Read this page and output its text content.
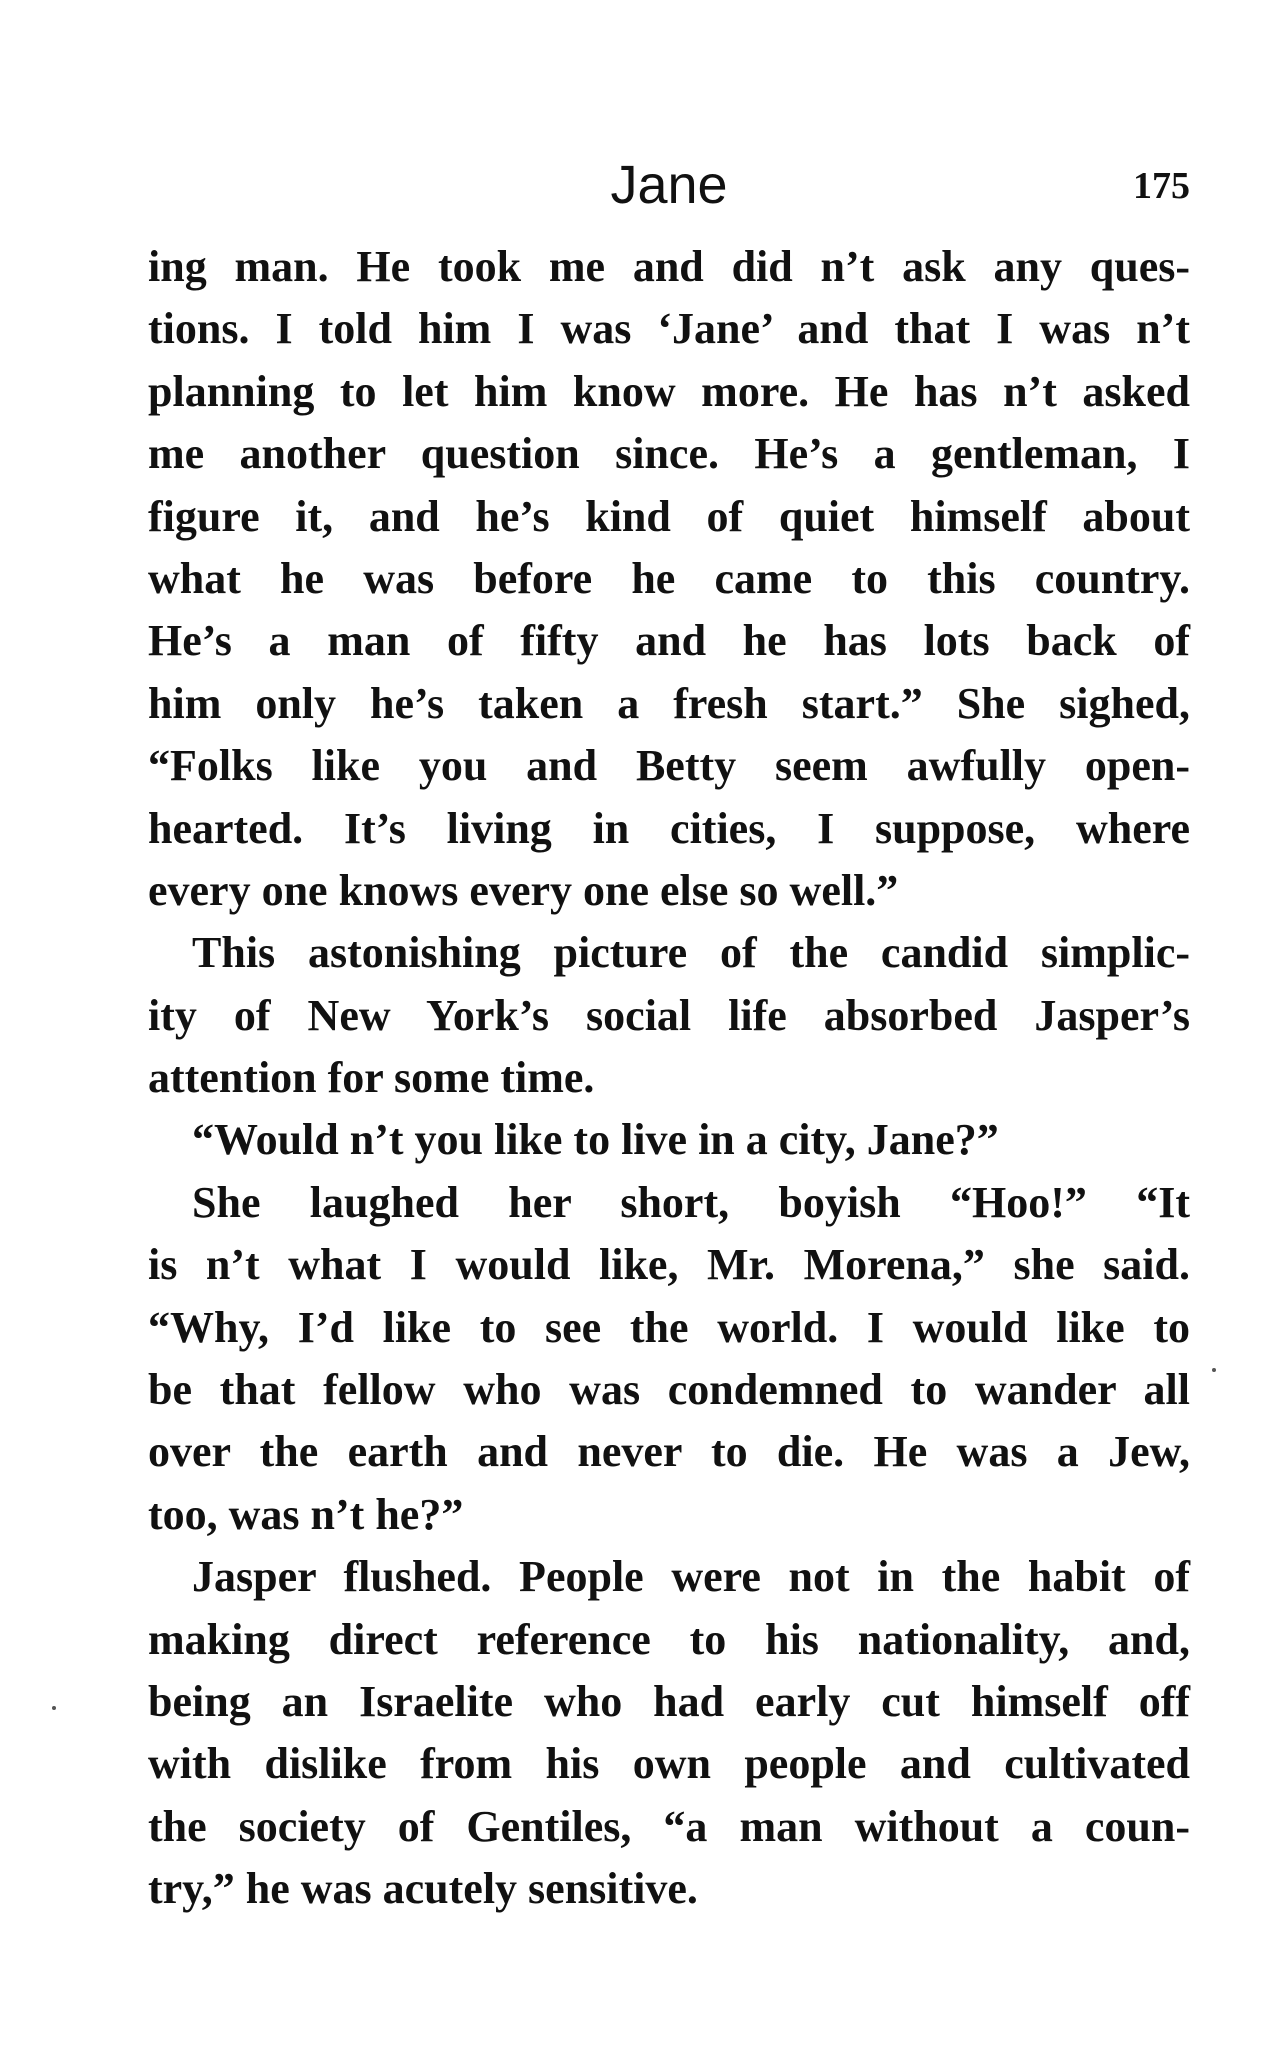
Jane	175
ing man. He took me and did n’t ask any ques-
tions. I told him I was ‘Jane’ and that I was n’t
planning to let him know more. He has n’t asked
me another question since. He’s a gentleman, I
figure it, and he’s kind of quiet himself about
what he was before he came to this country.
He’s a man of fifty and he has lots back of
him only he’s taken a fresh start.” She sighed,
“Folks like you and Betty seem awfully open-
hearted. It’s living in cities, I suppose, where
every one knows every one else so well.”
This astonishing picture of the candid simplic-
ity of New York’s social life absorbed Jasper’s
attention for some time.
“Would n’t you like to live in a city, Jane?”
She laughed her short, boyish “Hoo!” “It
is n’t what I would like, Mr. Morena,” she said.
“Why, I’d like to see the world. I would like to
be that fellow who was condemned to wander all
over the earth and never to die. He was a Jew,
too, was n’t he?”
Jasper flushed. People were not in the habit of
making direct reference to his nationality, and,
being an Israelite who had early cut himself off
with dislike from his own people and cultivated
the society of Gentiles, “a man without a coun-
try,” he was acutely sensitive.
